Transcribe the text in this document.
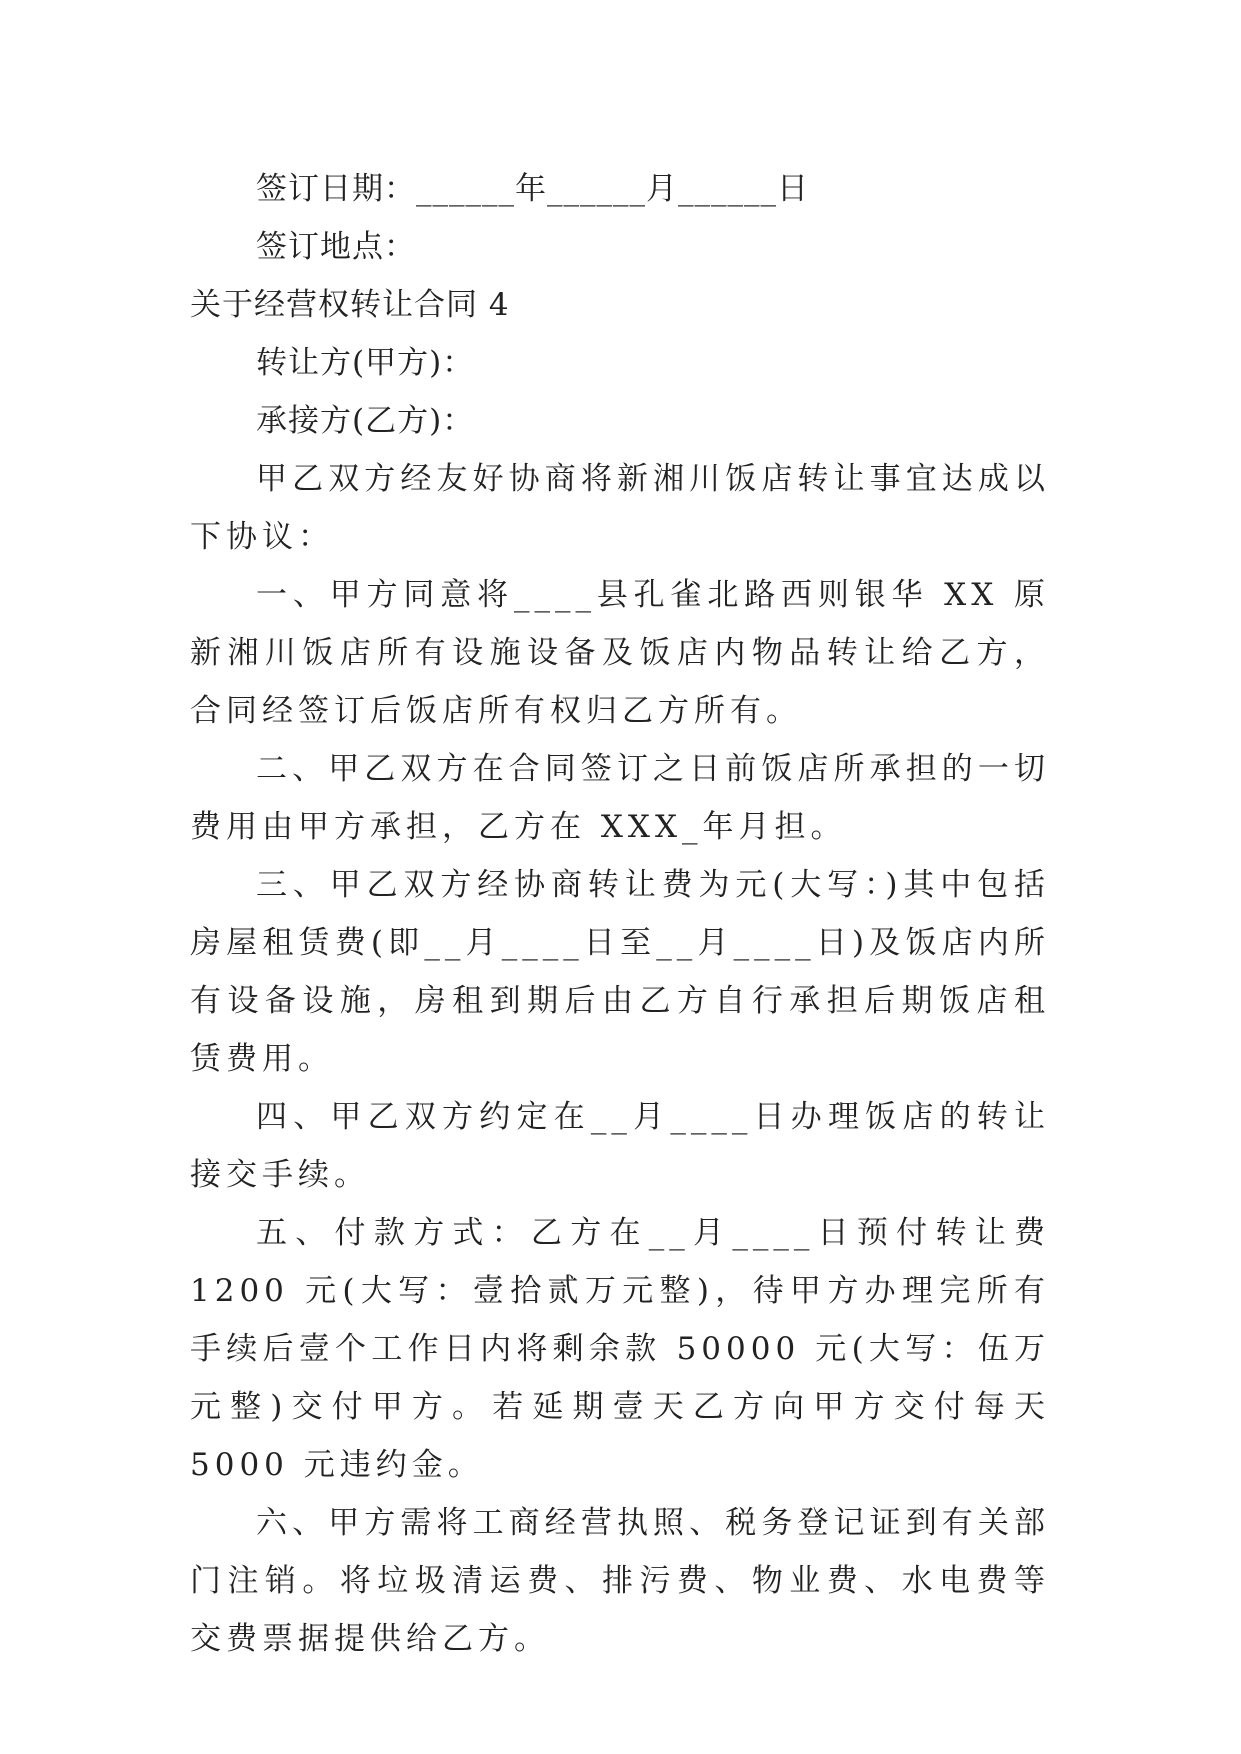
签订日期：______年______月______日
签订地点：
关于经营权转让合同 4
转让方(甲方)：
承接方(乙方)：

甲乙双方经友好协商将新湘川饭店转让事宜达成以下协议：

一、甲方同意将____县孔雀北路西则银华 XX 原新湘川饭店所有设施设备及饭店内物品转让给乙方，合同经签订后饭店所有权归乙方所有。

二、甲乙双方在合同签订之日前饭店所承担的一切费用由甲方承担，乙方在 XXX_年月担。

三、甲乙双方经协商转让费为元(大写：)其中包括房屋租赁费(即__月____日至__月____日)及饭店内所有设备设施，房租到期后由乙方自行承担后期饭店租赁费用。

四、甲乙双方约定在__月____日办理饭店的转让接交手续。

五、付款方式：乙方在__月____日预付转让费 1200 元(大写：壹拾贰万元整)，待甲方办理完所有手续后壹个工作日内将剩余款 50000 元(大写：伍万元整)交付甲方。若延期壹天乙方向甲方交付每天 5000 元违约金。

六、甲方需将工商经营执照、税务登记证到有关部门注销。将垃圾清运费、排污费、物业费、水电费等交费票据提供给乙方。
